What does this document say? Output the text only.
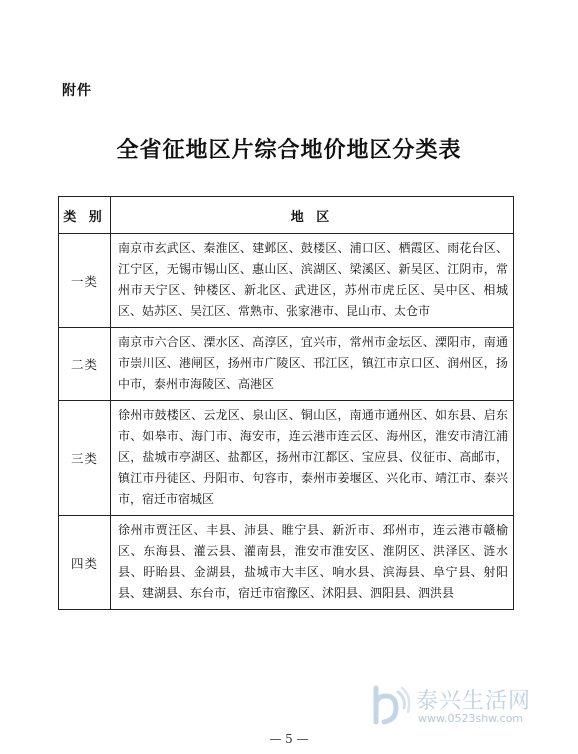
附件
全省征地区片综合地价地区分类表
类 别	地 区
一类	南京市玄武区、秦淮区、建邺区、鼓楼区、浦口区、栖霞区、雨花台区、江宁区，无锡市锡山区、惠山区、滨湖区、梁溪区、新吴区、江阴市，常州市天宁区、钟楼区、新北区、武进区，苏州市虎丘区、吴中区、相城区、姑苏区、吴江区、常熟市、张家港市、昆山市、太仓市
二类	南京市六合区、溧水区、高淳区，宜兴市，常州市金坛区、溧阳市，南通市崇川区、港闸区，扬州市广陵区、邗江区，镇江市京口区、润州区，扬中市，泰州市海陵区、高港区
三类	徐州市鼓楼区、云龙区、泉山区、铜山区，南通市通州区、如东县、启东市、如皋市、海门市、海安市，连云港市连云区、海州区，淮安市清江浦区，盐城市亭湖区、盐都区，扬州市江都区、宝应县、仪征市、高邮市，镇江市丹徒区、丹阳市、句容市，泰州市姜堰区、兴化市、靖江市、泰兴市，宿迁市宿城区
四类	徐州市贾汪区、丰县、沛县、睢宁县、新沂市、邳州市，连云港市赣榆区、东海县、灌云县、灌南县，淮安市淮安区、淮阴区、洪泽区、涟水县、盱眙县、金湖县，盐城市大丰区、响水县、滨海县、阜宁县、射阳县、建湖县、东台市，宿迁市宿豫区、沭阳县、泗阳县、泗洪县
泰兴生活网
www.0523shw.com
— 5 —
